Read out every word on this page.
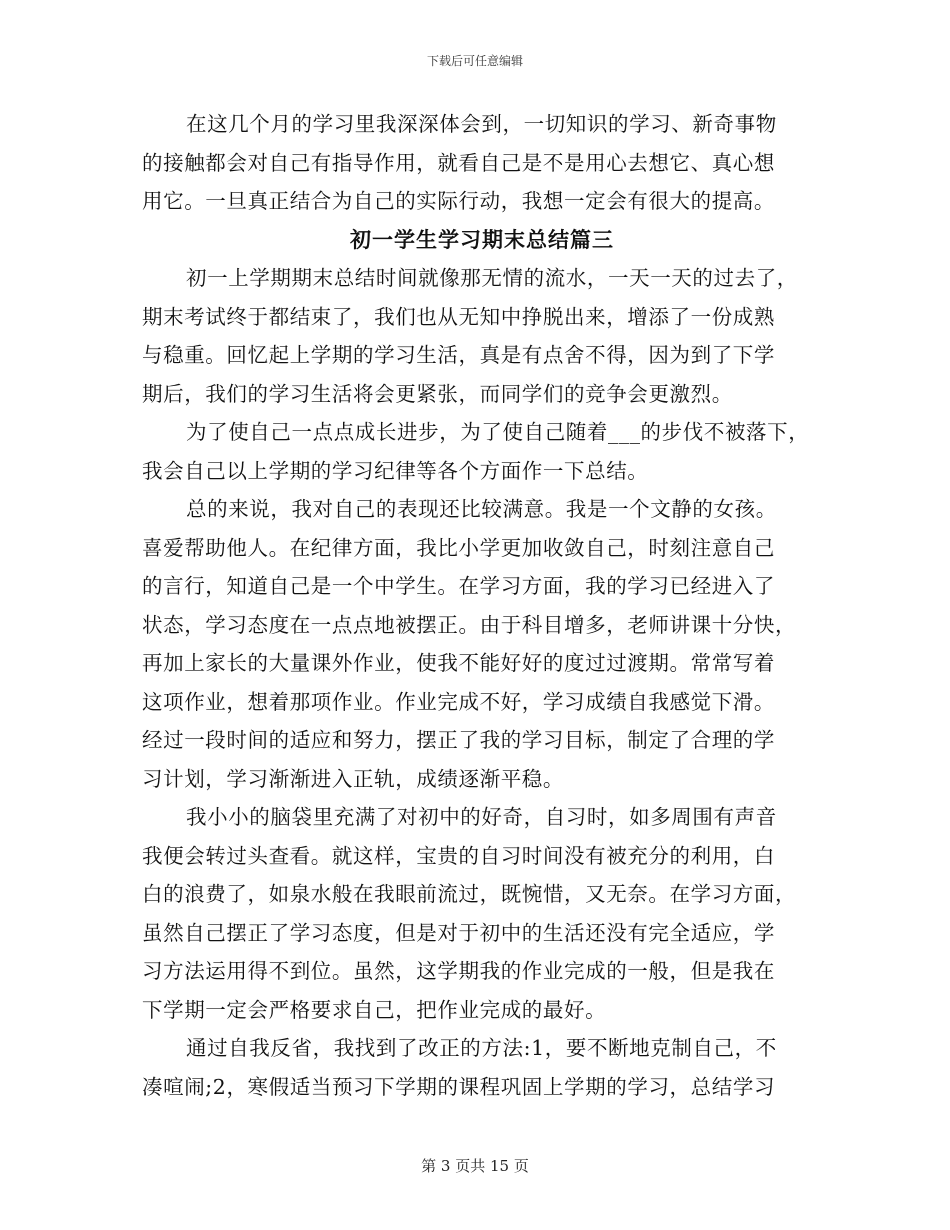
下载后可任意编辑
在这几个月的学习里我深深体会到，一切知识的学习、新奇事物
的接触都会对自己有指导作用，就看自己是不是用心去想它、真心想
用它。一旦真正结合为自己的实际行动，我想一定会有很大的提高。
初一学生学习期末总结篇三
初一上学期期末总结时间就像那无情的流水，一天一天的过去了，
期末考试终于都结束了，我们也从无知中挣脱出来，增添了一份成熟
与稳重。回忆起上学期的学习生活，真是有点舍不得，因为到了下学
期后，我们的学习生活将会更紧张，而同学们的竞争会更激烈。
为了使自己一点点成长进步，为了使自己随着___的步伐不被落下，
我会自己以上学期的学习纪律等各个方面作一下总结。
总的来说，我对自己的表现还比较满意。我是一个文静的女孩。
喜爱帮助他人。在纪律方面，我比小学更加收敛自己，时刻注意自己
的言行，知道自己是一个中学生。在学习方面，我的学习已经进入了
状态，学习态度在一点点地被摆正。由于科目增多，老师讲课十分快，
再加上家长的大量课外作业，使我不能好好的度过过渡期。常常写着
这项作业，想着那项作业。作业完成不好，学习成绩自我感觉下滑。
经过一段时间的适应和努力，摆正了我的学习目标，制定了合理的学
习计划，学习渐渐进入正轨，成绩逐渐平稳。
我小小的脑袋里充满了对初中的好奇，自习时，如多周围有声音
我便会转过头查看。就这样，宝贵的自习时间没有被充分的利用，白
白的浪费了，如泉水般在我眼前流过，既惋惜，又无奈。在学习方面，
虽然自己摆正了学习态度，但是对于初中的生活还没有完全适应，学
习方法运用得不到位。虽然，这学期我的作业完成的一般，但是我在
下学期一定会严格要求自己，把作业完成的最好。
通过自我反省，我找到了改正的方法:1，要不断地克制自己，不
凑喧闹;2，寒假适当预习下学期的课程巩固上学期的学习，总结学习
第 3 页共 15 页
